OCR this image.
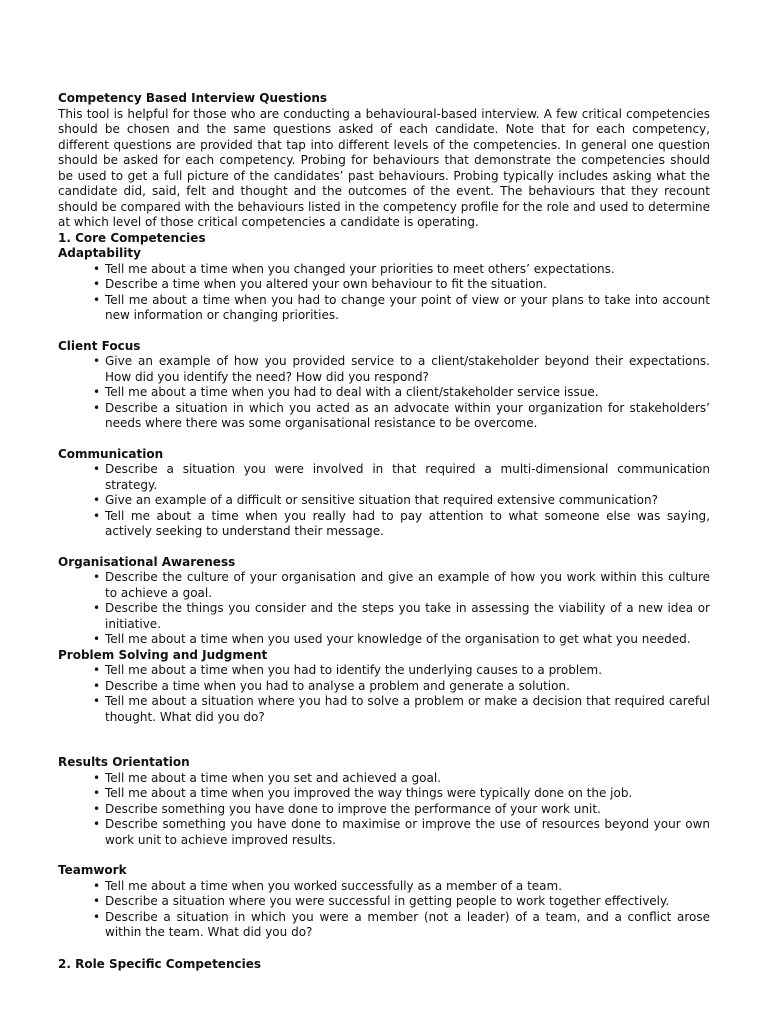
Competency Based Interview Questions

This tool is helpful for those who are conducting a behavioural-based interview. A few critical competencies should be chosen and the same questions asked of each candidate. Note that for each competency, different questions are provided that tap into different levels of the competencies. In general one question should be asked for each competency. Probing for behaviours that demonstrate the competencies should be used to get a full picture of the candidates’ past behaviours. Probing typically includes asking what the candidate did, said, felt and thought and the outcomes of the event. The behaviours that they recount should be compared with the behaviours listed in the competency profile for the role and used to determine at which level of those critical competencies a candidate is operating.

1. Core Competencies
Adaptability
• Tell me about a time when you changed your priorities to meet others’ expectations.
• Describe a time when you altered your own behaviour to fit the situation.
• Tell me about a time when you had to change your point of view or your plans to take into account new information or changing priorities.
Client Focus
• Give an example of how you provided service to a client/stakeholder beyond their expectations. How did you identify the need? How did you respond?
• Tell me about a time when you had to deal with a client/stakeholder service issue.
• Describe a situation in which you acted as an advocate within your organization for stakeholders’ needs where there was some organisational resistance to be overcome.
Communication
• Describe a situation you were involved in that required a multi-dimensional communication strategy.
• Give an example of a difficult or sensitive situation that required extensive communication?
• Tell me about a time when you really had to pay attention to what someone else was saying, actively seeking to understand their message.
Organisational Awareness
• Describe the culture of your organisation and give an example of how you work within this culture to achieve a goal.
• Describe the things you consider and the steps you take in assessing the viability of a new idea or initiative.
• Tell me about a time when you used your knowledge of the organisation to get what you needed.
Problem Solving and Judgment
• Tell me about a time when you had to identify the underlying causes to a problem.
• Describe a time when you had to analyse a problem and generate a solution.
• Tell me about a situation where you had to solve a problem or make a decision that required careful thought. What did you do?
Results Orientation
• Tell me about a time when you set and achieved a goal.
• Tell me about a time when you improved the way things were typically done on the job.
• Describe something you have done to improve the performance of your work unit.
• Describe something you have done to maximise or improve the use of resources beyond your own work unit to achieve improved results.
Teamwork
• Tell me about a time when you worked successfully as a member of a team.
• Describe a situation where you were successful in getting people to work together effectively.
• Describe a situation in which you were a member (not a leader) of a team, and a conflict arose within the team. What did you do?
2. Role Specific Competencies
